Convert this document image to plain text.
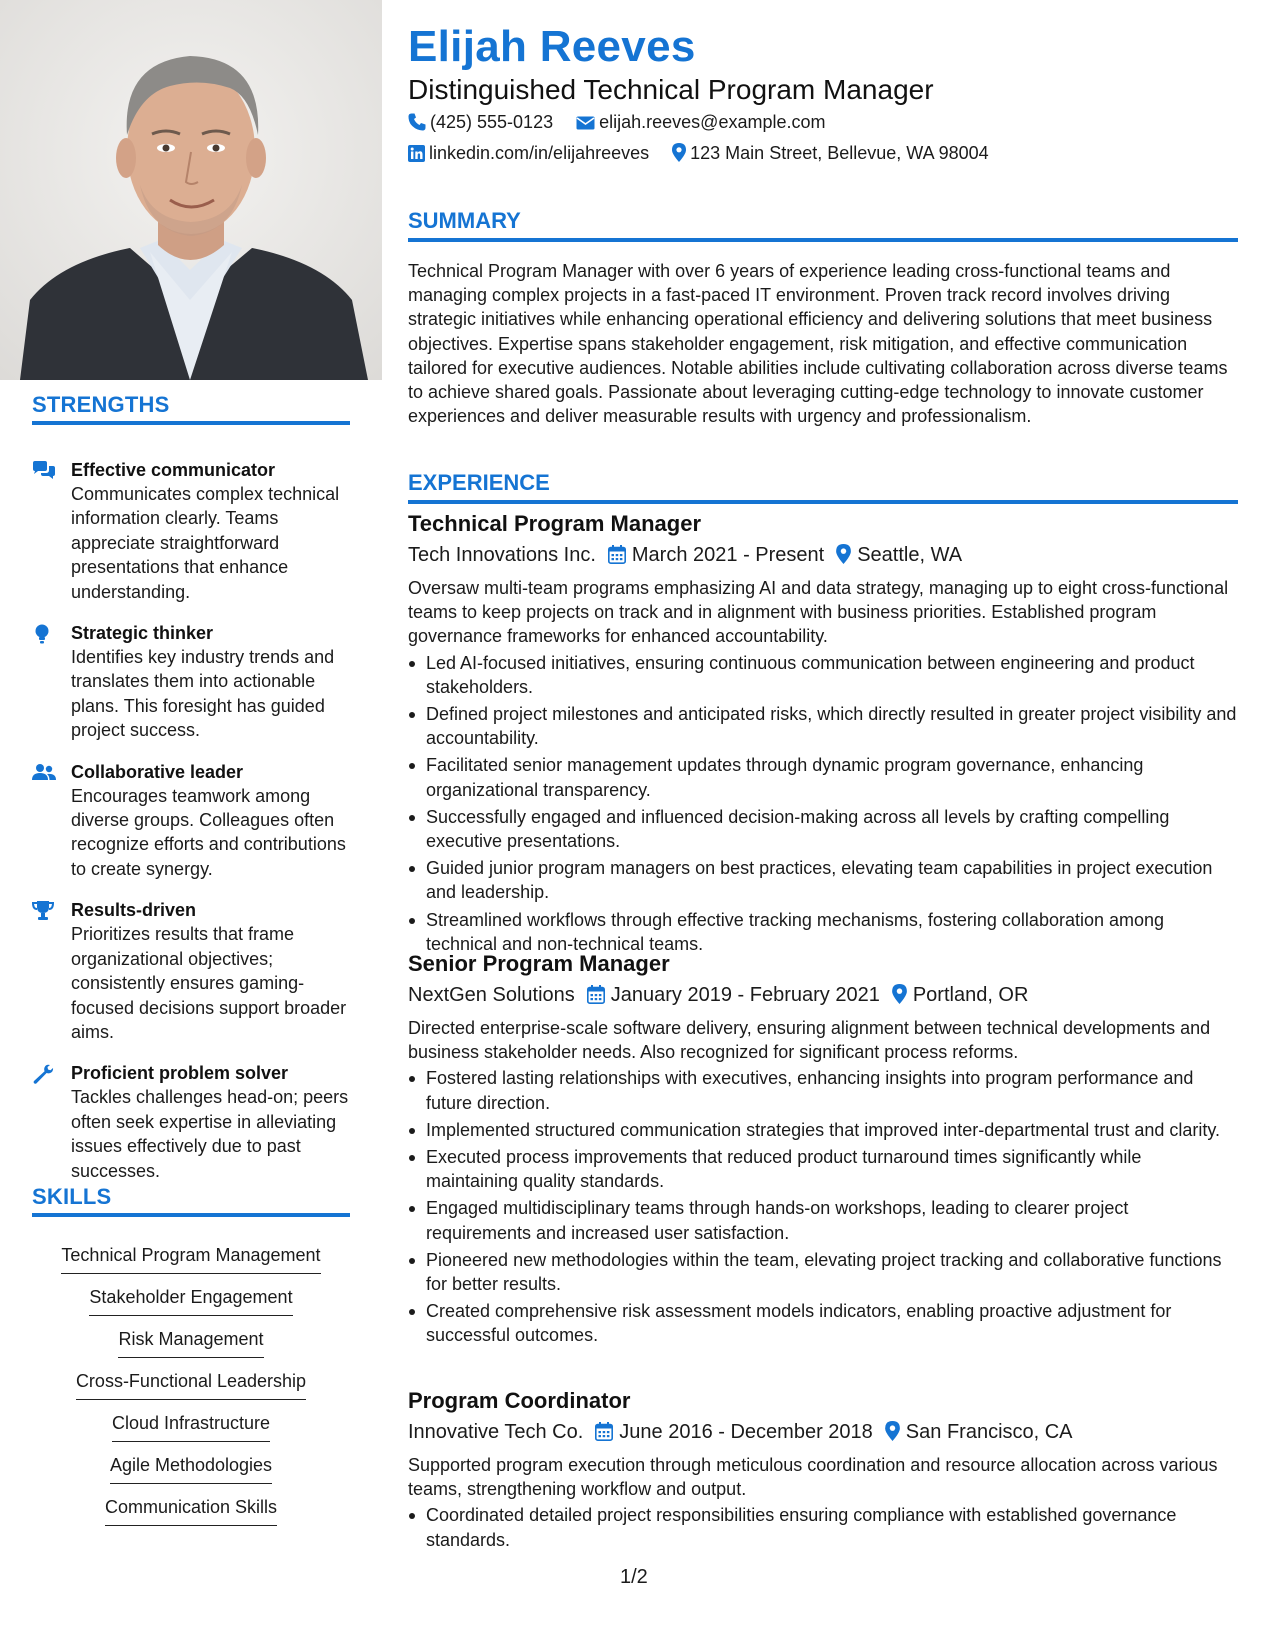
STRENGTHS
Effective communicator
Communicates complex technical information clearly. Teams appreciate straightforward presentations that enhance understanding.
Strategic thinker
Identifies key industry trends and translates them into actionable plans. This foresight has guided project success.
Collaborative leader
Encourages teamwork among diverse groups. Colleagues often recognize efforts and contributions to create synergy.
Results-driven
Prioritizes results that frame organizational objectives; consistently ensures gaming-focused decisions support broader aims.
Proficient problem solver
Tackles challenges head-on; peers often seek expertise in alleviating issues effectively due to past successes.
SKILLS
Technical Program Management
Stakeholder Engagement
Risk Management
Cross-Functional Leadership
Cloud Infrastructure
Agile Methodologies
Communication Skills
Elijah Reeves
Distinguished Technical Program Manager
(425) 555-0123	elijah.reeves@example.com
linkedin.com/in/elijahreeves 123 Main Street, Bellevue, WA 98004
SUMMARY
Technical Program Manager with over 6 years of experience leading cross-functional teams and managing complex projects in a fast-paced IT environment. Proven track record involves driving strategic initiatives while enhancing operational efficiency and delivering solutions that meet business objectives. Expertise spans stakeholder engagement, risk mitigation, and effective communication tailored for executive audiences. Notable abilities include cultivating collaboration across diverse teams to achieve shared goals. Passionate about leveraging cutting-edge technology to innovate customer experiences and deliver measurable results with urgency and professionalism.
EXPERIENCE
Technical Program Manager
Tech Innovations Inc. March 2021 - Present Seattle, WA
Oversaw multi-team programs emphasizing AI and data strategy, managing up to eight cross-functional teams to keep projects on track and in alignment with business priorities. Established program governance frameworks for enhanced accountability.
Led AI-focused initiatives, ensuring continuous communication between engineering and product stakeholders.
Defined project milestones and anticipated risks, which directly resulted in greater project visibility and accountability.
Facilitated senior management updates through dynamic program governance, enhancing organizational transparency.
Successfully engaged and influenced decision-making across all levels by crafting compelling executive presentations.
Guided junior program managers on best practices, elevating team capabilities in project execution and leadership.
Streamlined workflows through effective tracking mechanisms, fostering collaboration among technical and non-technical teams.
Senior Program Manager
NextGen Solutions January 2019 - February 2021 Portland, OR
Directed enterprise-scale software delivery, ensuring alignment between technical developments and business stakeholder needs. Also recognized for significant process reforms.
Fostered lasting relationships with executives, enhancing insights into program performance and future direction.
Implemented structured communication strategies that improved inter-departmental trust and clarity.
Executed process improvements that reduced product turnaround times significantly while maintaining quality standards.
Engaged multidisciplinary teams through hands-on workshops, leading to clearer project requirements and increased user satisfaction.
Pioneered new methodologies within the team, elevating project tracking and collaborative functions for better results.
Created comprehensive risk assessment models indicators, enabling proactive adjustment for successful outcomes.
Program Coordinator
Innovative Tech Co. June 2016 - December 2018 San Francisco, CA
Supported program execution through meticulous coordination and resource allocation across various teams, strengthening workflow and output.
Coordinated detailed project responsibilities ensuring compliance with established governance standards.
1/2
